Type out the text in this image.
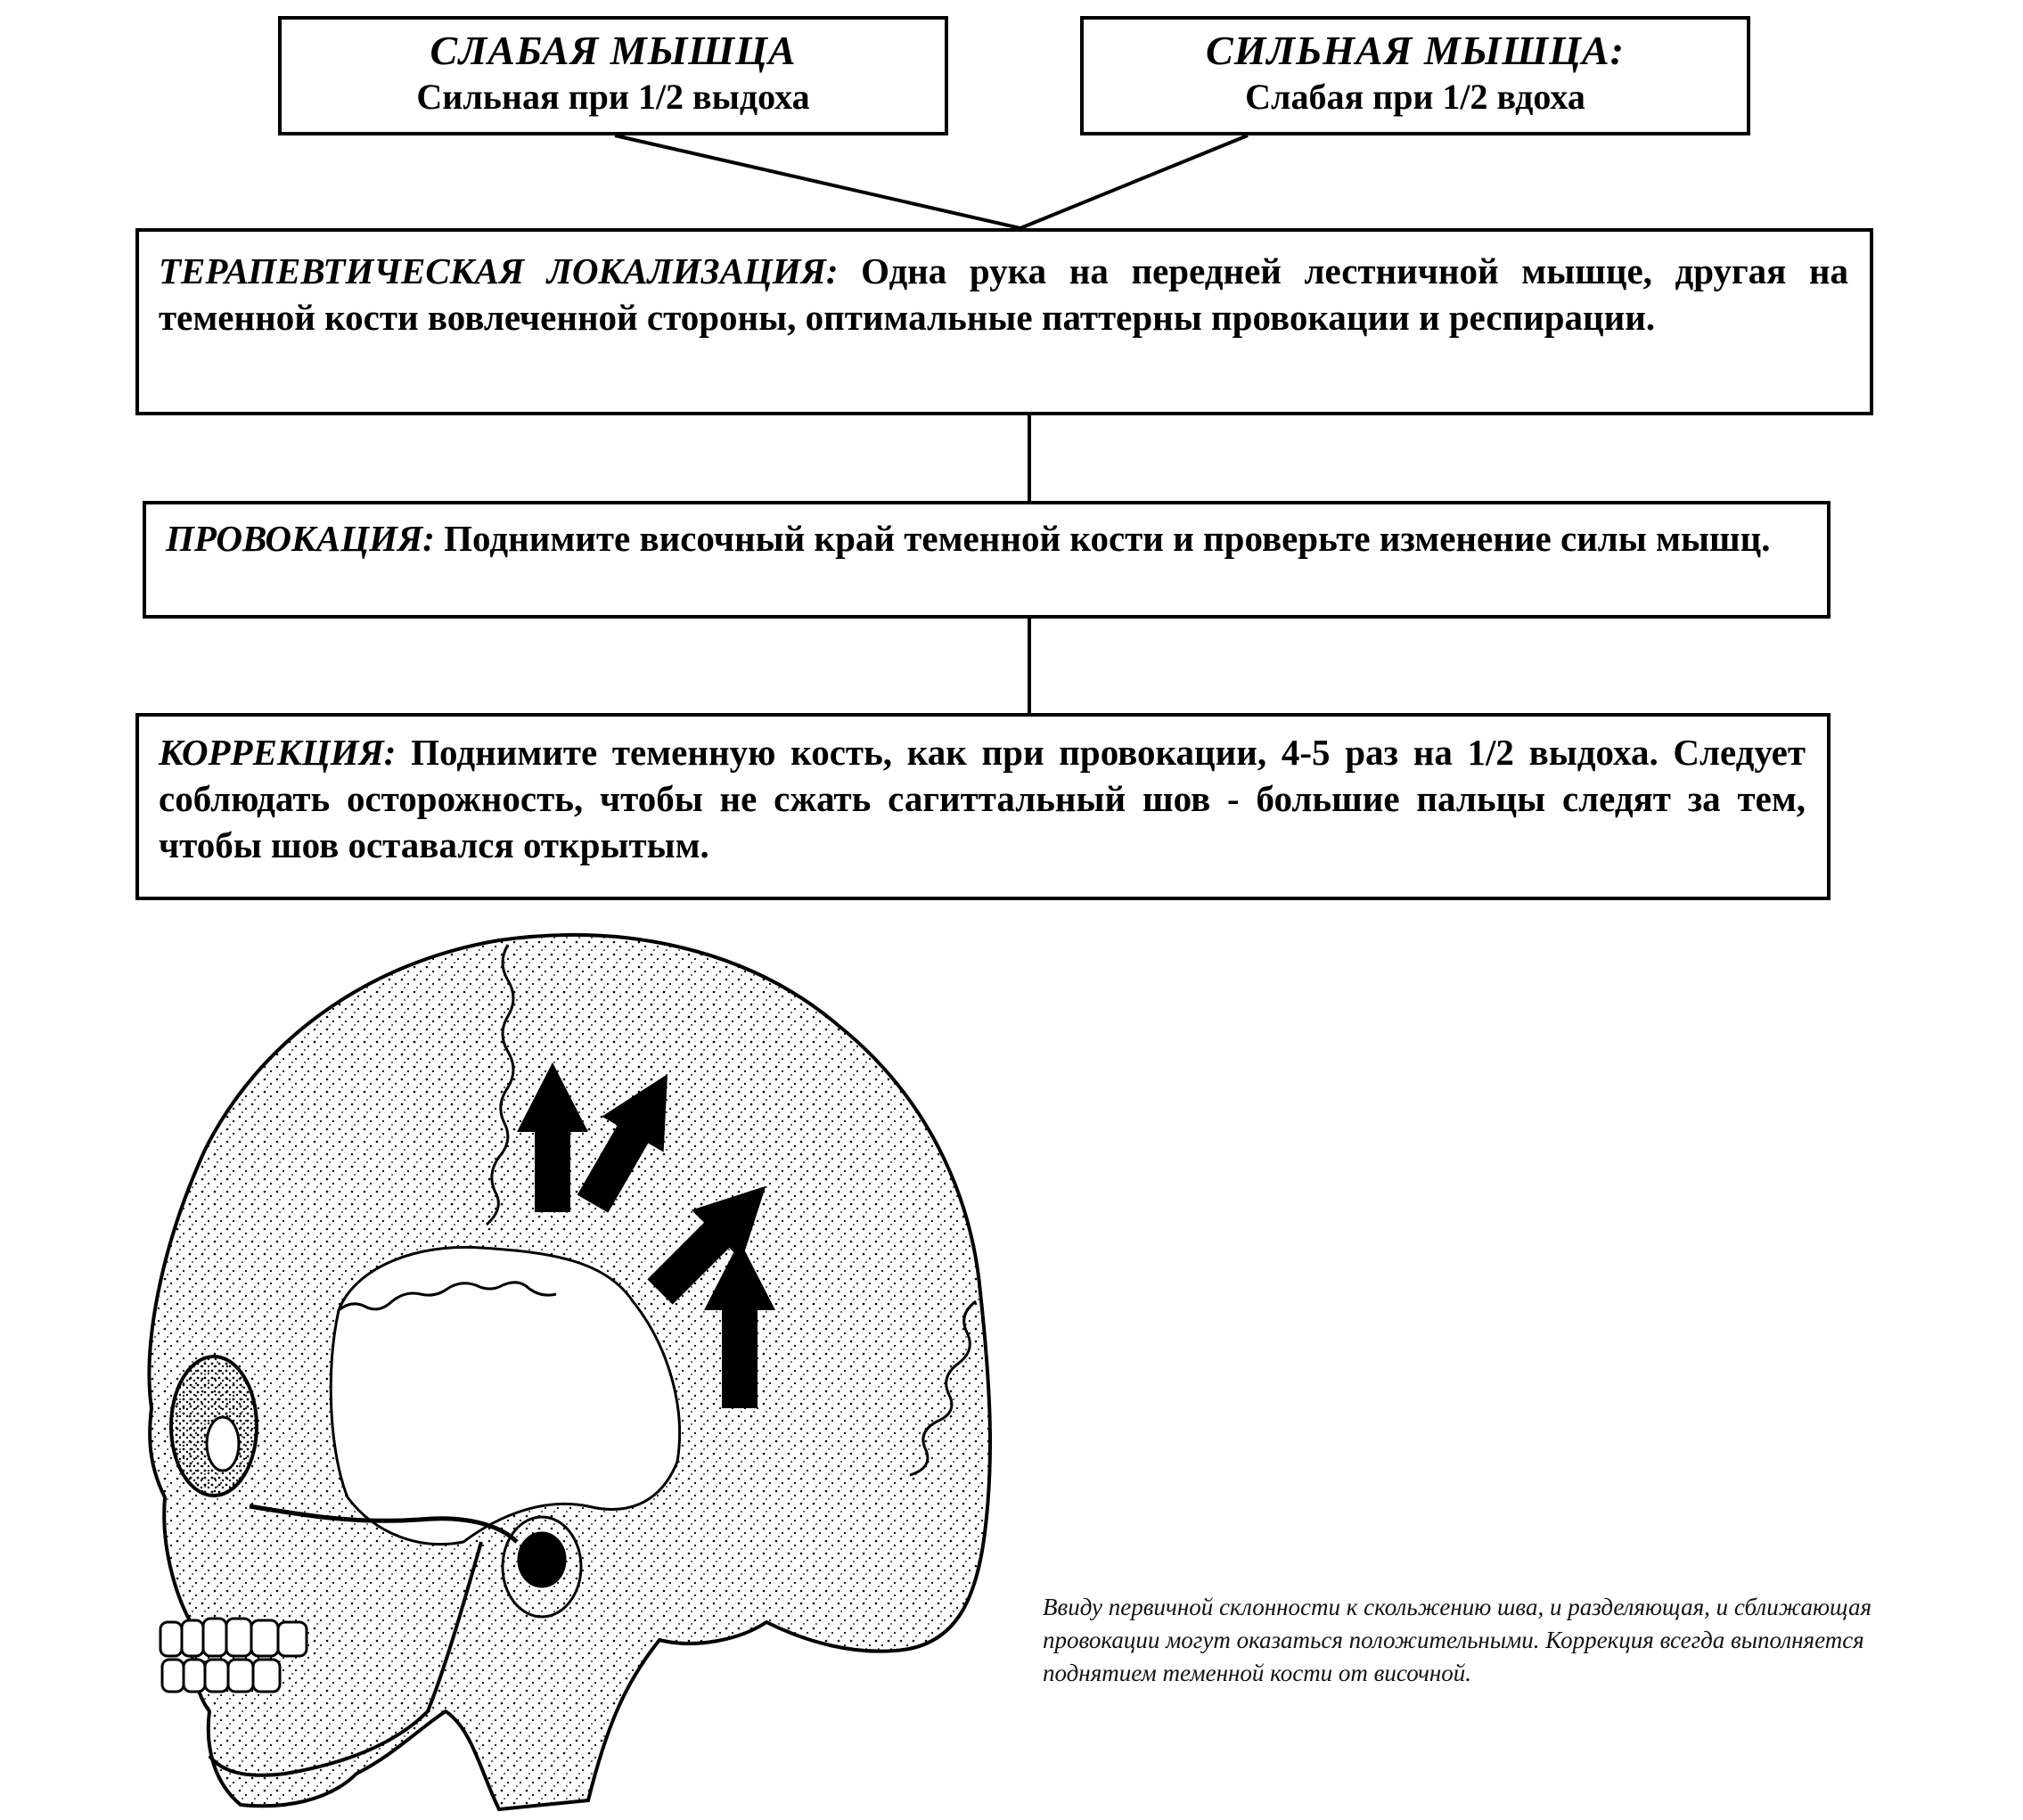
СЛАБАЯ МЫШЦА
Сильная при 1/2 выдоха
СИЛЬНАЯ МЫШЦА:
Слабая при 1/2 вдоха
ТЕРАПЕВТИЧЕСКАЯ ЛОКАЛИЗАЦИЯ: Одна рука на передней лестничной мышце, другая на теменной кости вовлеченной стороны, оптимальные паттерны провокации и респирации.
ПРОВОКАЦИЯ: Поднимите височный край теменной кости и проверьте изменение силы мышц.
КОРРЕКЦИЯ: Поднимите теменную кость, как при провокации, 4-5 раз на 1/2 выдоха. Следует соблюдать осторожность, чтобы не сжать сагиттальный шов - большие пальцы следят за тем, чтобы шов оставался открытым.
Ввиду первичной склонности к скольжению шва, и разделяющая, и сближающая провокации могут оказаться положительными. Коррекция всегда выполняется поднятием теменной кости от височной.
